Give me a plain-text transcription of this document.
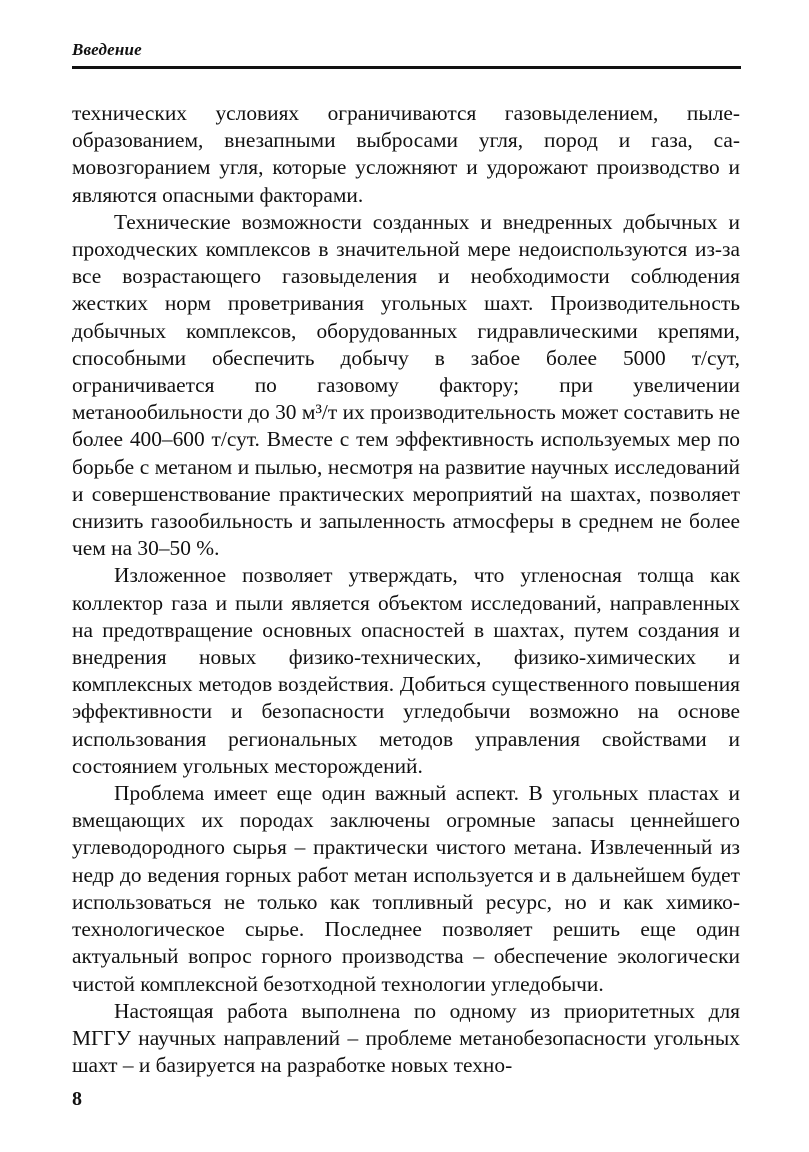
Введение

технических условиях ограничиваются газовыделением, пылеобразованием, внезапными выбросами угля, пород и газа, самовозгоранием угля, которые усложняют и удорожают производство и являются опасными факторами.

Технические возможности созданных и внедренных добычных и проходческих комплексов в значительной мере недоиспользуются из-за все возрастающего газовыделения и необходимости соблюдения жестких норм проветривания угольных шахт. Производительность добычных комплексов, оборудованных гидравлическими крепями, способными обеспечить добычу в забое более 5000 т/сут, ограничивается по газовому фактору; при увеличении метанообильности до 30 м³/т их производительность может составить не более 400–600 т/сут. Вместе с тем эффективность используемых мер по борьбе с метаном и пылью, несмотря на развитие научных исследований и совершенствование практических мероприятий на шахтах, позволяет снизить газообильность и запыленность атмосферы в среднем не более чем на 30–50 %.

Изложенное позволяет утверждать, что угленосная толща как коллектор газа и пыли является объектом исследований, направленных на предотвращение основных опасностей в шахтах, путем создания и внедрения новых физико-технических, физико-химических и комплексных методов воздействия. Добиться существенного повышения эффективности и безопасности угледобычи возможно на основе использования региональных методов управления свойствами и состоянием угольных месторождений.

Проблема имеет еще один важный аспект. В угольных пластах и вмещающих их породах заключены огромные запасы ценнейшего углеводородного сырья – практически чистого метана. Извлеченный из недр до ведения горных работ метан используется и в дальнейшем будет использоваться не только как топливный ресурс, но и как химико-технологическое сырье. Последнее позволяет решить еще один актуальный вопрос горного производства – обеспечение экологически чистой комплексной безотходной технологии угледобычи.

Настоящая работа выполнена по одному из приоритетных для МГГУ научных направлений – проблеме метанобезопасности угольных шахт – и базируется на разработке новых техно-

8
